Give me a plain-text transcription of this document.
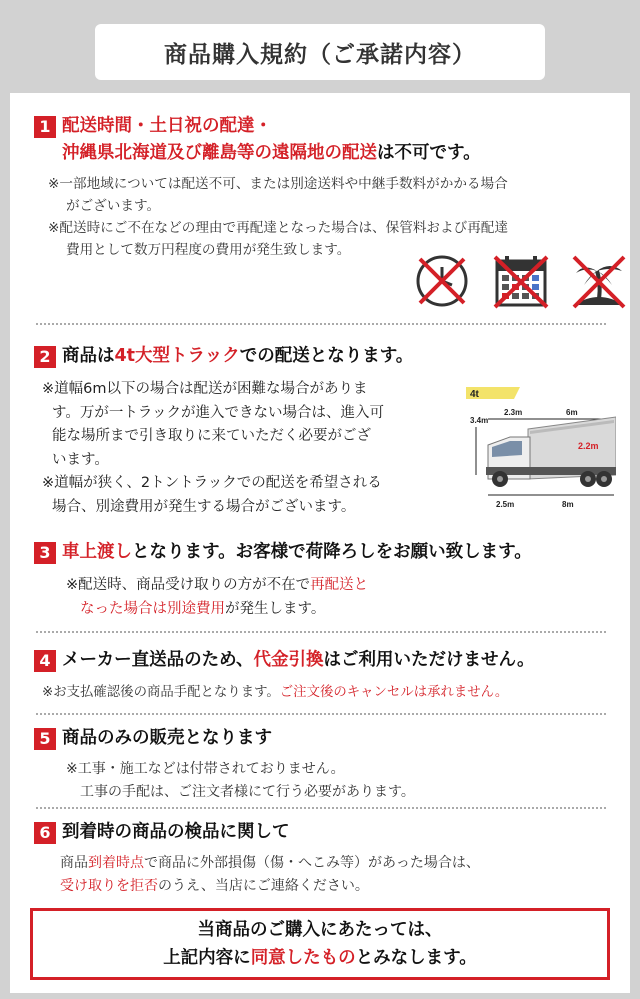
商品購入規約（ご承諾内容）
1 配送時間・土日祝の配達・
沖縄県北海道及び離島等の遠隔地の配送 は不可です。
※一部地域については配送不可、または別途送料や中継手数料がかかる場合
がございます。
※配送時にご不在などの理由で再配達となった場合は、保管料および再配達
費用として数万円程度の費用が発生致します。
2 商品は4t大型トラックでの配送となります。
※道幅6m以下の場合は配送が困難な場合がありま
す。万が一トラックが進入できない場合は、進入可
能な場所まで引き取りに来ていただく必要がござ
います。
※道幅が狭く、2トントラックでの配送を希望される
場合、別途費用が発生する場合がございます。
4t
3.4m
2.3m	6m
2.2m
2.5m	8m
3 車上渡しとなります。お客様で荷降ろしをお願い致します。
※配送時、商品受け取りの方が不在で再配送と
なった場合は別途費用が発生します。
4 メーカー直送品のため、代金引換はご利用いただけません。
※お支払確認後の商品手配となります。ご注文後のキャンセルは承れません。
5 商品のみの販売となります
※工事・施工などは付帯されておりません。
工事の手配は、ご注文者様にて行う必要があります。
6 到着時の商品の検品に関して
商品到着時点で商品に外部損傷（傷・へこみ等）があった場合は、
受け取りを拒否のうえ、当店にご連絡ください。
当商品のご購入にあたっては、
上記内容に同意したものとみなします。
